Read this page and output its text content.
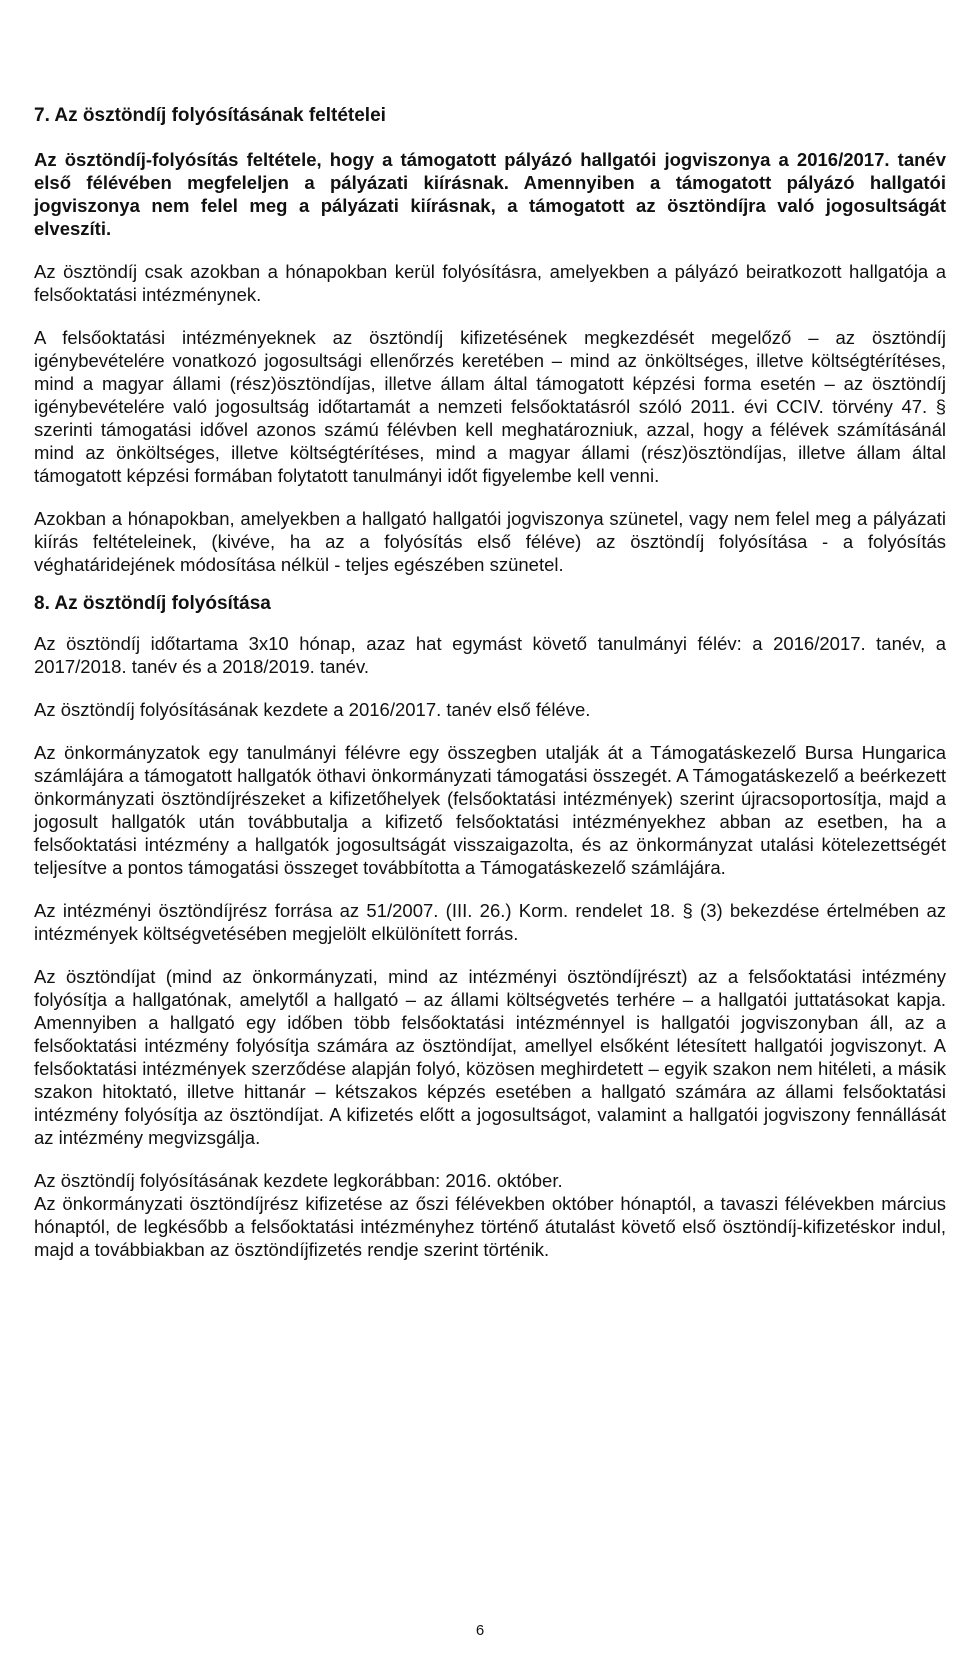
7. Az ösztöndíj folyósításának feltételei

Az ösztöndíj-folyósítás feltétele, hogy a támogatott pályázó hallgatói jogviszonya a 2016/2017. tanév első félévében megfeleljen a pályázati kiírásnak. Amennyiben a támogatott pályázó hallgatói jogviszonya nem felel meg a pályázati kiírásnak, a támogatott az ösztöndíjra való jogosultságát elveszíti.

Az ösztöndíj csak azokban a hónapokban kerül folyósításra, amelyekben a pályázó beiratkozott hallgatója a felsőoktatási intézménynek.

A felsőoktatási intézményeknek az ösztöndíj kifizetésének megkezdését megelőző – az ösztöndíj igénybevételére vonatkozó jogosultsági ellenőrzés keretében – mind az önköltséges, illetve költségtérítéses, mind a magyar állami (rész)ösztöndíjas, illetve állam által támogatott képzési forma esetén – az ösztöndíj igénybevételére való jogosultság időtartamát a nemzeti felsőoktatásról szóló 2011. évi CCIV. törvény 47. § szerinti támogatási idővel azonos számú félévben kell meghatározniuk, azzal, hogy a félévek számításánál mind az önköltséges, illetve költségtérítéses, mind a magyar állami (rész)ösztöndíjas, illetve állam által támogatott képzési formában folytatott tanulmányi időt figyelembe kell venni.

Azokban a hónapokban, amelyekben a hallgató hallgatói jogviszonya szünetel, vagy nem felel meg a pályázati kiírás feltételeinek, (kivéve, ha az a folyósítás első féléve) az ösztöndíj folyósítása - a folyósítás véghatáridejének módosítása nélkül - teljes egészében szünetel.

8. Az ösztöndíj folyósítása

Az ösztöndíj időtartama 3x10 hónap, azaz hat egymást követő tanulmányi félév: a 2016/2017. tanév, a 2017/2018. tanév és a 2018/2019. tanév.

Az ösztöndíj folyósításának kezdete a 2016/2017. tanév első féléve.

Az önkormányzatok egy tanulmányi félévre egy összegben utalják át a Támogatáskezelő Bursa Hungarica számlájára a támogatott hallgatók öthavi önkormányzati támogatási összegét. A Támogatáskezelő a beérkezett önkormányzati ösztöndíjrészeket a kifizetőhelyek (felsőoktatási intézmények) szerint újracsoportosítja, majd a jogosult hallgatók után továbbutalja a kifizető felsőoktatási intézményekhez abban az esetben, ha a felsőoktatási intézmény a hallgatók jogosultságát visszaigazolta, és az önkormányzat utalási kötelezettségét teljesítve a pontos támogatási összeget továbbította a Támogatáskezelő számlájára.

Az intézményi ösztöndíjrész forrása az 51/2007. (III. 26.) Korm. rendelet 18. § (3) bekezdése értelmében az intézmények költségvetésében megjelölt elkülönített forrás.

Az ösztöndíjat (mind az önkormányzati, mind az intézményi ösztöndíjrészt) az a felsőoktatási intézmény folyósítja a hallgatónak, amelytől a hallgató – az állami költségvetés terhére – a hallgatói juttatásokat kapja. Amennyiben a hallgató egy időben több felsőoktatási intézménnyel is hallgatói jogviszonyban áll, az a felsőoktatási intézmény folyósítja számára az ösztöndíjat, amellyel elsőként létesített hallgatói jogviszonyt. A felsőoktatási intézmények szerződése alapján folyó, közösen meghirdetett – egyik szakon nem hitéleti, a másik szakon hitoktató, illetve hittanár – kétszakos képzés esetében a hallgató számára az állami felsőoktatási intézmény folyósítja az ösztöndíjat. A kifizetés előtt a jogosultságot, valamint a hallgatói jogviszony fennállását az intézmény megvizsgálja.

Az ösztöndíj folyósításának kezdete legkorábban: 2016. október.

Az önkormányzati ösztöndíjrész kifizetése az őszi félévekben október hónaptól, a tavaszi félévekben március hónaptól, de legkésőbb a felsőoktatási intézményhez történő átutalást követő első ösztöndíj-kifizetéskor indul, majd a továbbiakban az ösztöndíjfizetés rendje szerint történik.

6
